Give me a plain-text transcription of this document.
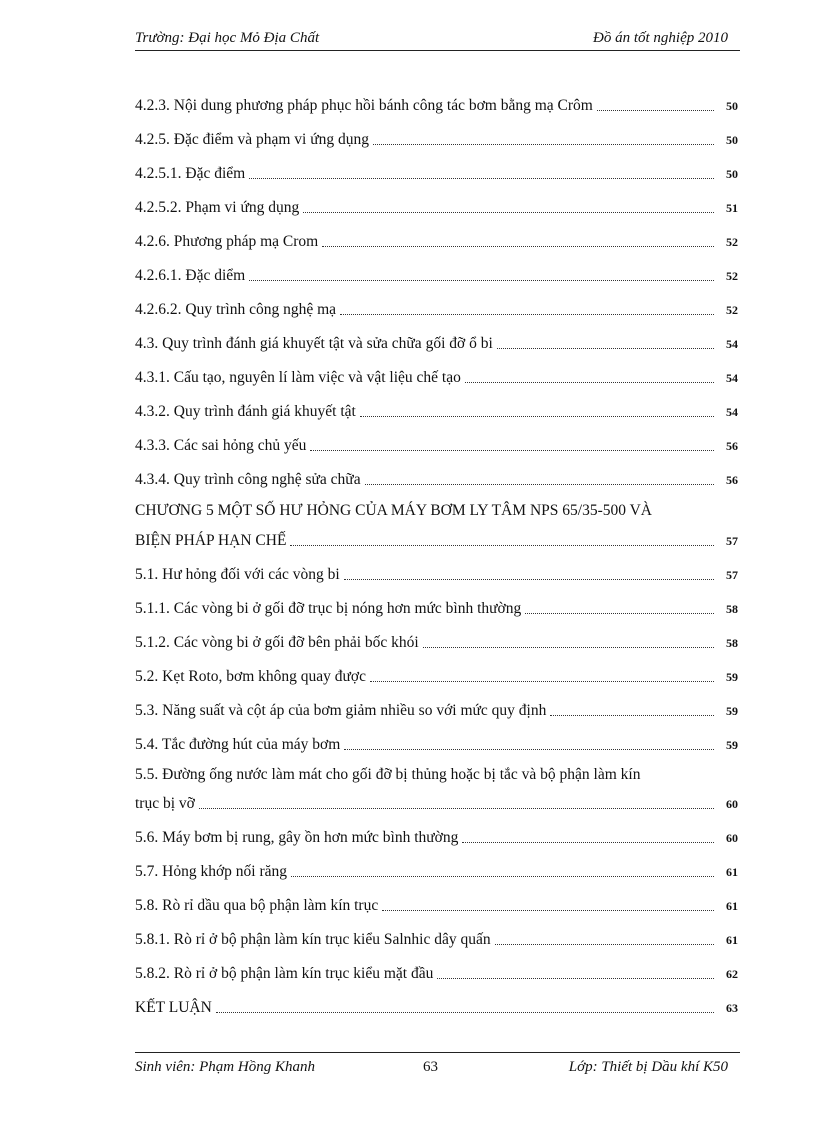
Trường: Đại học Mỏ Địa Chất	Đồ án tốt nghiệp 2010
4.2.3. Nội dung phương pháp phục hồi bánh công tác bơm bằng mạ Crôm	50
4.2.5. Đặc điểm và phạm vi ứng dụng	50
4.2.5.1. Đặc điểm	50
4.2.5.2. Phạm vi ứng dụng	51
4.2.6. Phương pháp mạ Crom	52
4.2.6.1. Đặc diểm	52
4.2.6.2. Quy trình công nghệ mạ	52
4.3. Quy trình đánh giá khuyết tật và sửa chữa gối đỡ ổ bi	54
4.3.1. Cấu tạo, nguyên lí làm việc và vật liệu chế tạo	54
4.3.2. Quy trình đánh giá khuyết tật	54
4.3.3. Các sai hỏng chủ yếu	56
4.3.4. Quy trình công nghệ sửa chữa	56
CHƯƠNG 5 MỘT SỐ HƯ HỎNG CỦA MÁY BƠM LY TÂM NPS 65/35-500 VÀ
BIỆN PHÁP HẠN CHẾ	57
5.1. Hư hỏng đối với các vòng bi	57
5.1.1. Các vòng bi ở gối đỡ trục bị nóng hơn mức bình thường	58
5.1.2. Các vòng bi ở gối đỡ bên phải bốc khói	58
5.2. Kẹt Roto, bơm không quay được	59
5.3. Năng suất và cột áp của bơm giảm nhiều so với mức quy định	59
5.4. Tắc đường hút của máy bơm	59
5.5. Đường ống nước làm mát cho gối đỡ bị thủng hoặc bị tắc và bộ phận làm kín
trục bị vỡ	60
5.6. Máy bơm bị rung, gây ồn hơn mức bình thường	60
5.7. Hỏng khớp nối răng	61
5.8. Rò rỉ dầu qua bộ phận làm kín trục	61
5.8.1. Rò rỉ ở bộ phận làm kín trục kiểu Salnhic dây quấn	61
5.8.2. Rò rỉ ở bộ phận làm kín trục kiểu mặt đầu	62
KẾT LUẬN	63
Sinh viên: Phạm Hồng Khanh	63	Lớp: Thiết bị Dầu khí K50
